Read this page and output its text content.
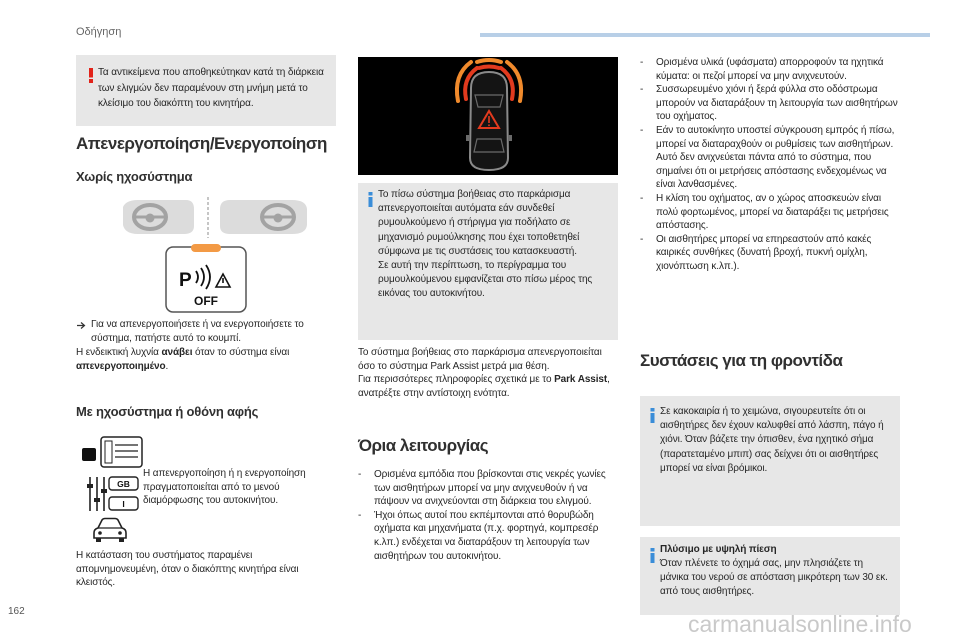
Οδήγηση
Τα αντικείμενα που αποθηκεύτηκαν κατά τη διάρκεια των ελιγμών δεν παραμένουν στη μνήμη μετά το κλείσιμο του διακόπτη του κινητήρα.
Απενεργοποίηση/Ενεργοποίηση
Χωρίς ηχοσύστημα
P
OFF
Για να απενεργοποιήσετε ή να ενεργοποιήσετε το σύστημα, πατήστε αυτό το κουμπί.
Η ενδεικτική λυχνία ανάβει όταν το σύστημα είναι απενεργοποιημένο.
Με ηχοσύστημα ή οθόνη αφής
GB
I
Η απενεργοποίηση ή η ενεργοποίηση πραγματοποιείται από το μενού διαμόρφωσης του αυτοκινήτου.
Η κατάσταση του συστήματος παραμένει απομνημονευμένη, όταν ο διακόπτης κινητήρα είναι κλειστός.

Το πίσω σύστημα βοήθειας στο παρκάρισμα απενεργοποιείται αυτόματα εάν συνδεθεί ρυμουλκούμενο ή στήριγμα για ποδήλατο σε μηχανισμό ρυμούλκησης που έχει τοποθετηθεί σύμφωνα με τις συστάσεις του κατασκευαστή.

Σε αυτή την περίπτωση, το περίγραμμα του ρυμουλκούμενου εμφανίζεται στο πίσω μέρος της εικόνας του αυτοκινήτου.

Το σύστημα βοήθειας στο παρκάρισμα απενεργοποιείται όσο το σύστημα Park Assist μετρά μια θέση.

Για περισσότερες πληροφορίες σχετικά με το Park Assist, ανατρέξτε στην αντίστοιχη ενότητα.

Όρια λειτουργίας
- Ορισμένα εμπόδια που βρίσκονται στις νεκρές γωνίες των αισθητήρων μπορεί να μην ανιχνευθούν ή να πάψουν να ανιχνεύονται στη διάρκεια του ελιγμού.
- Ήχοι όπως αυτοί που εκπέμπονται από θορυβώδη οχήματα και μηχανήματα (π.χ. φορτηγά, κομπρεσέρ κ.λπ.) ενδέχεται να διαταράξουν τη λειτουργία των αισθητήρων του αυτοκινήτου.
- Ορισμένα υλικά (υφάσματα) απορροφούν τα ηχητικά κύματα: οι πεζοί μπορεί να μην ανιχνευτούν.
- Συσσωρευμένο χιόνι ή ξερά φύλλα στο οδόστρωμα μπορούν να διαταράξουν τη λειτουργία των αισθητήρων του οχήματος.
- Εάν το αυτοκίνητο υποστεί σύγκρουση εμπρός ή πίσω, μπορεί να διαταραχθούν οι ρυθμίσεις των αισθητήρων. Αυτό δεν ανιχνεύεται πάντα από το σύστημα, που σημαίνει ότι οι μετρήσεις απόστασης ενδεχομένως να είναι λανθασμένες.
- Η κλίση του οχήματος, αν ο χώρος αποσκευών είναι πολύ φορτωμένος, μπορεί να διαταράξει τις μετρήσεις απόστασης.
- Οι αισθητήρες μπορεί να επηρεαστούν από κακές καιρικές συνθήκες (δυνατή βροχή, πυκνή ομίχλη, χιονόπτωση κ.λπ.).
Συστάσεις για τη φροντίδα
Σε κακοκαιρία ή το χειμώνα, σιγουρευτείτε ότι οι αισθητήρες δεν έχουν καλυφθεί από λάσπη, πάγο ή χιόνι. Όταν βάζετε την όπισθεν, ένα ηχητικό σήμα (παρατεταμένο μπιπ) σας δείχνει ότι οι αισθητήρες μπορεί να είναι βρόμικοι.

Πλύσιμο με υψηλή πίεση

Όταν πλένετε το όχημά σας, μην πλησιάζετε τη μάνικα του νερού σε απόσταση μικρότερη των 30 εκ. από τους αισθητήρες.

162	carmanualsonline.info
